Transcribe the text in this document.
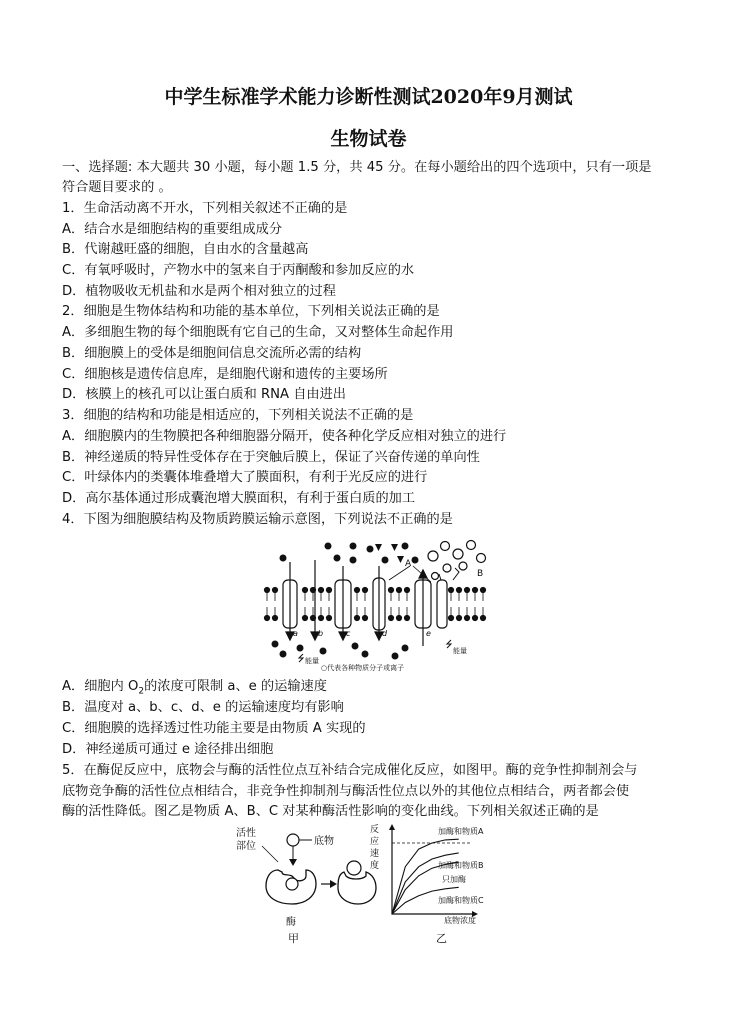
中学生标准学术能力诊断性测试2020年9月测试
生物试卷
一、选择题: 本大题共 30 小题，每小题 1.5 分，共 45 分。在每小题给出的四个选项中，只有一项是
符合题目要求的 。
1．生命活动离不开水，下列相关叙述不正确的是
A．结合水是细胞结构的重要组成成分
B．代谢越旺盛的细胞，自由水的含量越高
C．有氧呼吸时，产物水中的氢来自于丙酮酸和参加反应的水
D．植物吸收无机盐和水是两个相对独立的过程
2．细胞是生物体结构和功能的基本单位，下列相关说法正确的是
A．多细胞生物的每个细胞既有它自己的生命，又对整体生命起作用
B．细胞膜上的受体是细胞间信息交流所必需的结构
C．细胞核是遗传信息库，是细胞代谢和遗传的主要场所
D．核膜上的核孔可以让蛋白质和 RNA 自由进出
3．细胞的结构和功能是相适应的，下列相关说法不正确的是
A．细胞膜内的生物膜把各种细胞器分隔开，使各种化学反应相对独立的进行
B．神经递质的特异性受体存在于突触后膜上，保证了兴奋传递的单向性
C．叶绿体内的类囊体堆叠增大了膜面积，有利于光反应的进行
D．高尔基体通过形成囊泡增大膜面积，有利于蛋白质的加工
4．下图为细胞膜结构及物质跨膜运输示意图，下列说法不正确的是
a	b	c	d	e
A
B
能量
能量
○代表各种物质分子或离子
A．细胞内 $O_2$的浓度可限制 a、e 的运输速度
B．温度对 a、b、c、d、e 的运输速度均有影响
C．细胞膜的选择透过性功能主要是由物质 A 实现的
D．神经递质可通过 e 途径排出细胞
5．在酶促反应中，底物会与酶的活性位点互补结合完成催化反应，如图甲。酶的竞争性抑制剂会与
底物竞争酶的活性位点相结合，非竞争性抑制剂与酶活性位点以外的其他位点相结合，两者都会使
酶的活性降低。图乙是物质 A、B、C 对某种酶活性影响的变化曲线。下列相关叙述正确的是
活性
部位	底物
酶
甲
反
应
速
度
底物浓度
乙
加酶和物质A
加酶和物质B
只加酶
加酶和物质C
